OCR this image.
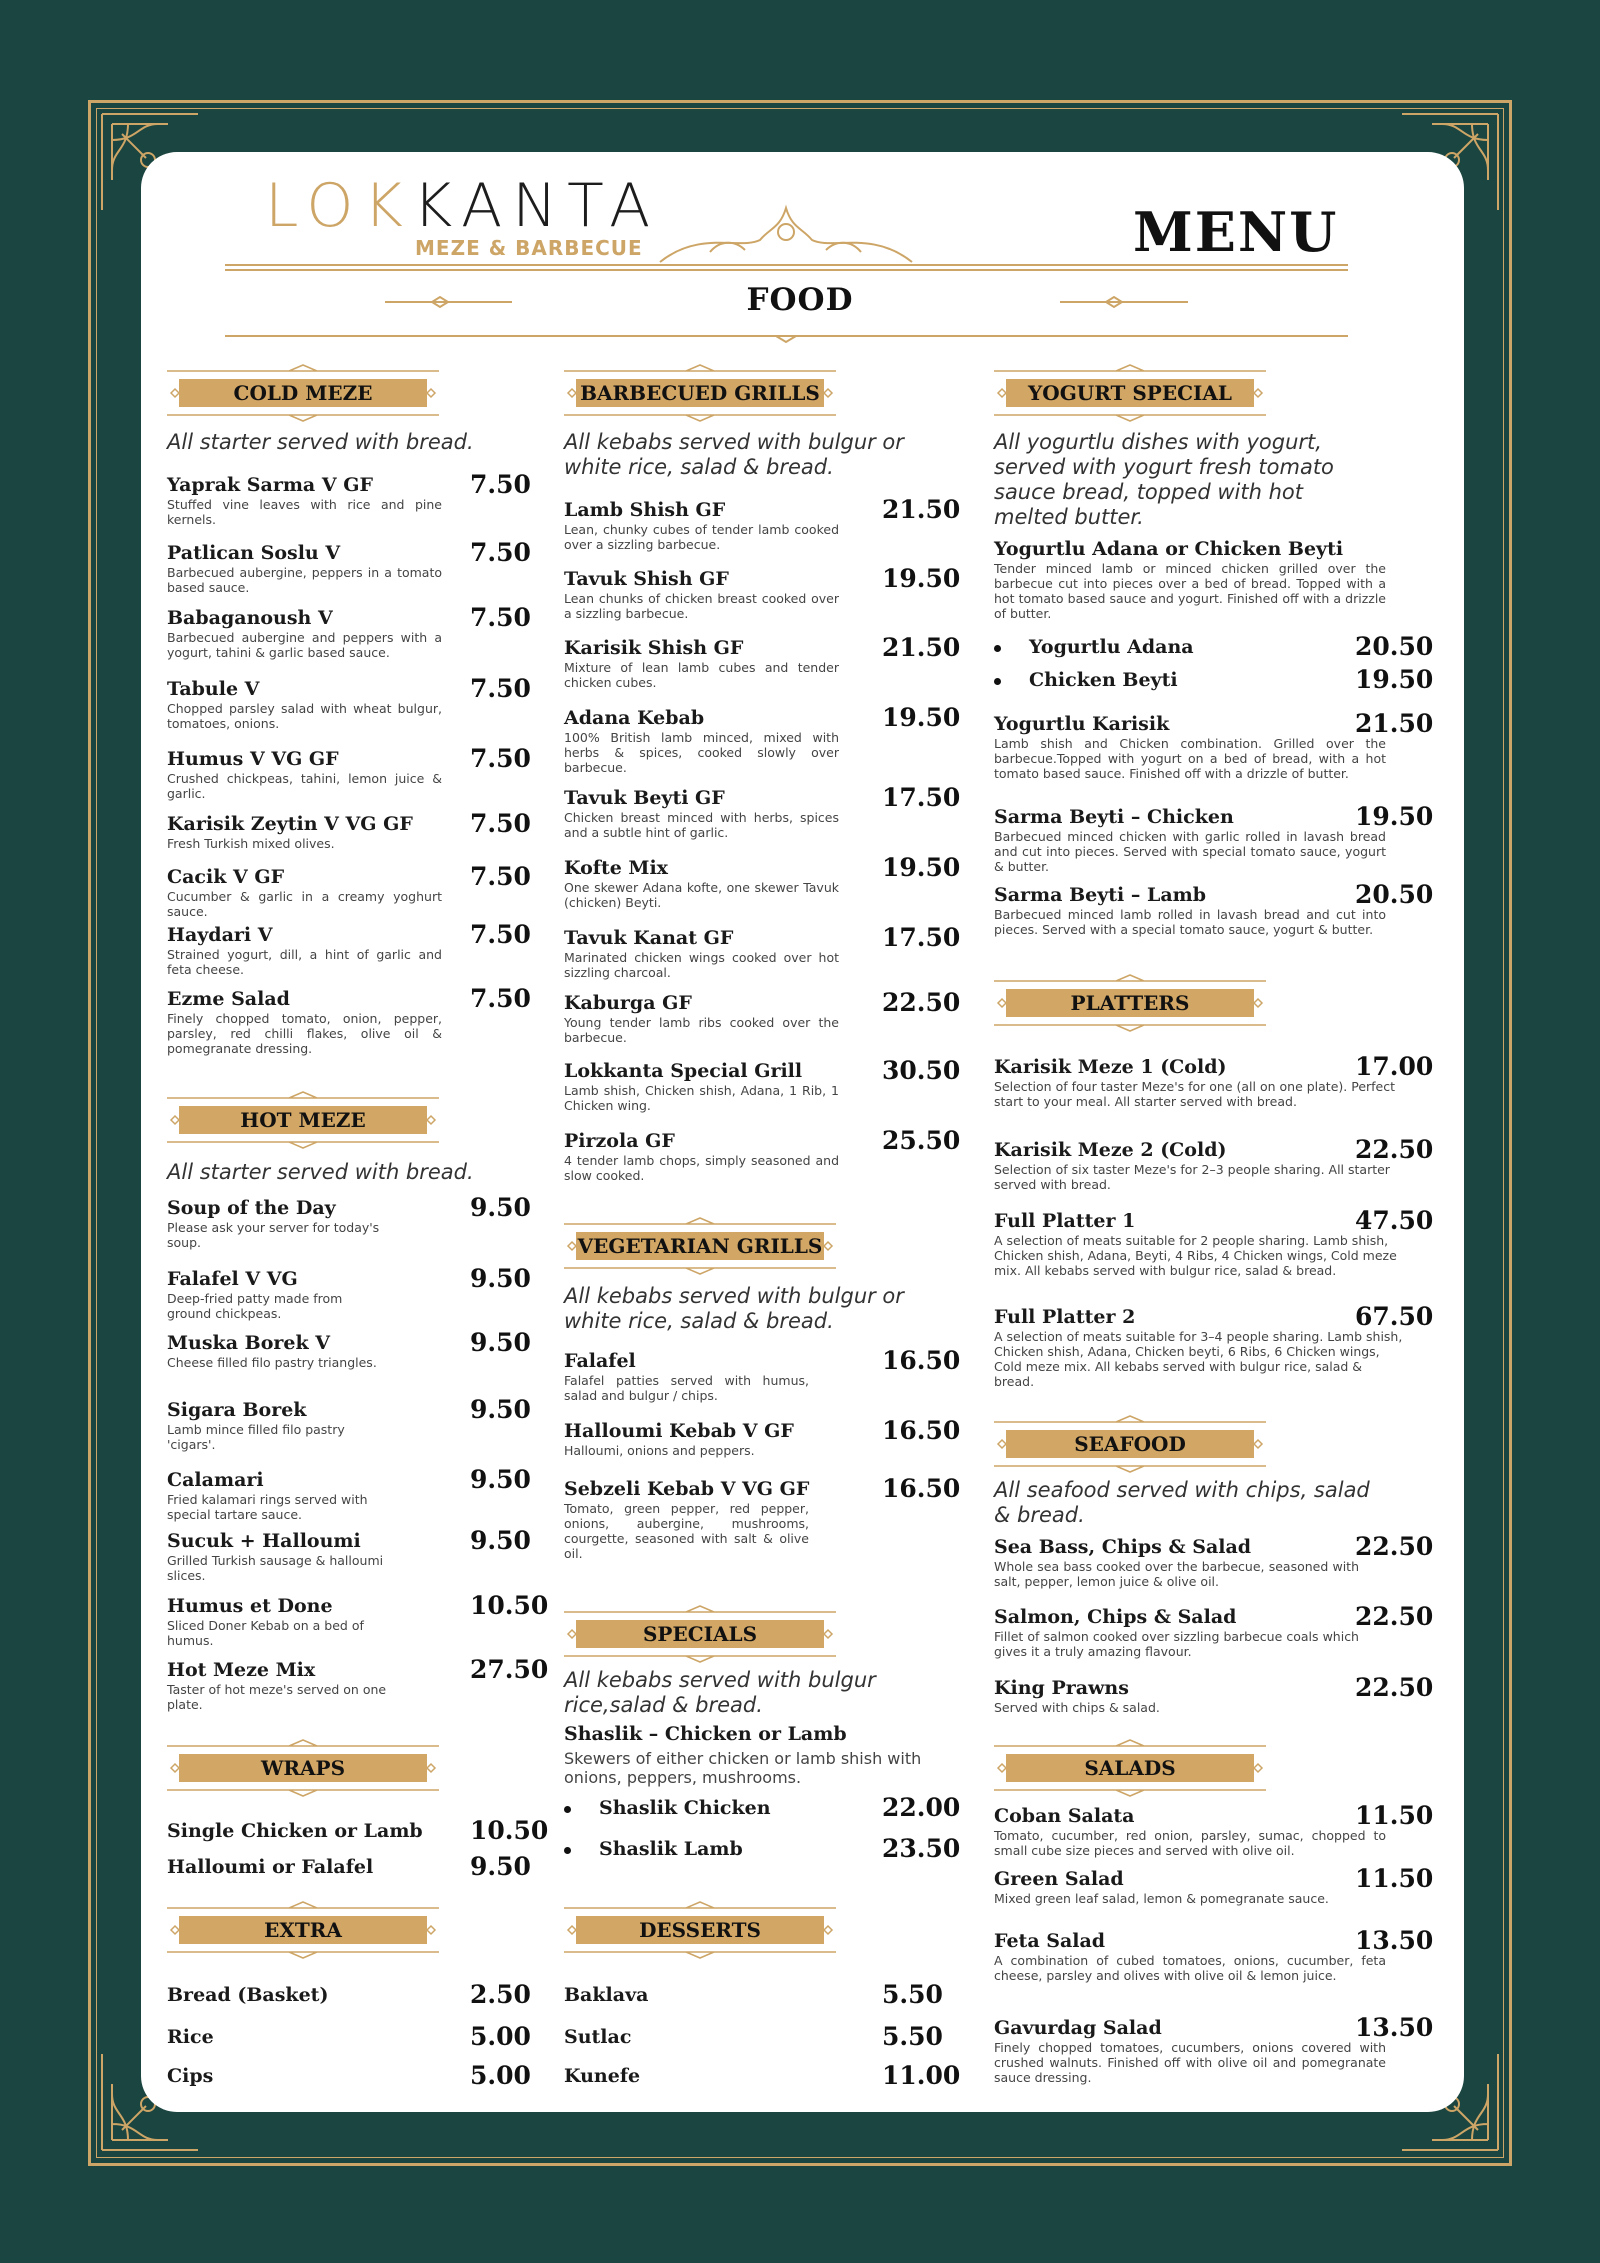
LOKKANTA
MEZE & BARBECUE	MENU
FOOD
COLD MEZE
All starter served with bread.
Yaprak Sarma V GF
Stuffed vine leaves with rice and pine kernels.
7.50
Patlican Soslu V
Barbecued aubergine, peppers in a tomato based sauce.
7.50
Babaganoush V
Barbecued aubergine and peppers with a yogurt, tahini & garlic based sauce.
7.50
Tabule V
Chopped parsley salad with wheat bulgur, tomatoes, onions.
7.50
Humus V VG GF
Crushed chickpeas, tahini, lemon juice & garlic.
7.50
Karisik Zeytin V VG GF
Fresh Turkish mixed olives.
7.50
Cacik V GF
Cucumber & garlic in a creamy yoghurt sauce.
7.50
Haydari V
Strained yogurt, dill, a hint of garlic and feta cheese.
7.50
Ezme Salad
Finely chopped tomato, onion, pepper, parsley, red chilli flakes, olive oil & pomegranate dressing.
7.50
HOT MEZE
All starter served with bread.
Soup of the Day
Please ask your server for today's soup.
9.50
Falafel V VG
Deep-fried patty made from ground chickpeas.
9.50
Muska Borek V
Cheese filled filo pastry triangles.
9.50
Sigara Borek
Lamb mince filled filo pastry 'cigars'.
9.50
Calamari
Fried kalamari rings served with special tartare sauce.
9.50
Sucuk + Halloumi
Grilled Turkish sausage & halloumi slices.
9.50
Humus et Done
Sliced Doner Kebab on a bed of humus.
10.50
Hot Meze Mix
Taster of hot meze's served on one plate.
27.50
WRAPS
Single Chicken or Lamb 10.50
Halloumi or Falafel	9.50
EXTRA
Bread (Basket)	2.50
Rice	5.00
Cips	5.00
BARBECUED GRILLS
All kebabs served with bulgur or white rice, salad & bread.
Lamb Shish GF
Lean, chunky cubes of tender lamb cooked over a sizzling barbecue.
21.50
Tavuk Shish GF
Lean chunks of chicken breast cooked over a sizzling barbecue.
19.50
Karisik Shish GF
Mixture of lean lamb cubes and tender chicken cubes.
21.50
Adana Kebab
100% British lamb minced, mixed with herbs & spices, cooked slowly over barbecue.
19.50
Tavuk Beyti GF
Chicken breast minced with herbs, spices and a subtle hint of garlic.
17.50
Kofte Mix
One skewer Adana kofte, one skewer Tavuk (chicken) Beyti.
19.50
Tavuk Kanat GF
Marinated chicken wings cooked over hot sizzling charcoal.
17.50
Kaburga GF
Young tender lamb ribs cooked over the barbecue.
22.50
Lokkanta Special Grill
Lamb shish, Chicken shish, Adana, 1 Rib, 1 Chicken wing.
30.50
Pirzola GF
4 tender lamb chops, simply seasoned and slow cooked.
25.50
VEGETARIAN GRILLS
All kebabs served with bulgur or white rice, salad & bread.
Falafel
Falafel patties served with humus, salad and bulgur / chips.
16.50
Halloumi Kebab V GF
Halloumi, onions and peppers.
16.50
Sebzeli Kebab V VG GF
Tomato, green pepper, red pepper, onions, aubergine, mushrooms, courgette, seasoned with salt & olive oil.
16.50
SPECIALS
All kebabs served with bulgur rice,salad & bread.
Shaslik – Chicken or Lamb
Skewers of either chicken or lamb shish with onions, peppers, mushrooms.
Shaslik Chicken	22.00
Shaslik Lamb	23.50
DESSERTS
Baklava	5.50
Sutlac	5.50
Kunefe	11.00
YOGURT SPECIAL
All yogurtlu dishes with yogurt, served with yogurt fresh tomato sauce bread, topped with hot melted butter.
Yogurtlu Adana or Chicken Beyti
Tender minced lamb or minced chicken grilled over the barbecue cut into pieces over a bed of bread. Topped with a hot tomato based sauce and yogurt. Finished off with a drizzle of butter.
Yogurtlu Adana	20.50
Chicken Beyti	19.50
Yogurtlu Karisik
Lamb shish and Chicken combination. Grilled over the barbecue.Topped with yogurt on a bed of bread, with a hot tomato based sauce. Finished off with a drizzle of butter.
21.50
Sarma Beyti – Chicken
Barbecued minced chicken with garlic rolled in lavash bread and cut into pieces. Served with special tomato sauce, yogurt & butter.
19.50
Sarma Beyti – Lamb
Barbecued minced lamb rolled in lavash bread and cut into pieces. Served with a special tomato sauce, yogurt & butter.
20.50
PLATTERS
Karisik Meze 1 (Cold)
Selection of four taster Meze's for one (all on one plate). Perfect start to your meal. All starter served with bread.
17.00
Karisik Meze 2 (Cold)
Selection of six taster Meze's for 2–3 people sharing. All starter served with bread.
22.50
Full Platter 1
A selection of meats suitable for 2 people sharing. Lamb shish, Chicken shish, Adana, Beyti, 4 Ribs, 4 Chicken wings, Cold meze mix. All kebabs served with bulgur rice, salad & bread.
47.50
Full Platter 2
A selection of meats suitable for 3–4 people sharing. Lamb shish, Chicken shish, Adana, Chicken beyti, 6 Ribs, 6 Chicken wings, Cold meze mix. All kebabs served with bulgur rice, salad & bread.
67.50
SEAFOOD
All seafood served with chips, salad & bread.
Sea Bass, Chips & Salad
Whole sea bass cooked over the barbecue, seasoned with salt, pepper, lemon juice & olive oil.
22.50
Salmon, Chips & Salad
Fillet of salmon cooked over sizzling barbecue coals which gives it a truly amazing flavour.
22.50
King Prawns
Served with chips & salad.
22.50
SALADS
Coban Salata
Tomato, cucumber, red onion, parsley, sumac, chopped to small cube size pieces and served with olive oil.
11.50
Green Salad
Mixed green leaf salad, lemon & pomegranate sauce.
11.50
Feta Salad
A combination of cubed tomatoes, onions, cucumber, feta cheese, parsley and olives with olive oil & lemon juice.
13.50
Gavurdag Salad
Finely chopped tomatoes, cucumbers, onions covered with crushed walnuts. Finished off with olive oil and pomegranate sauce dressing.
13.50
